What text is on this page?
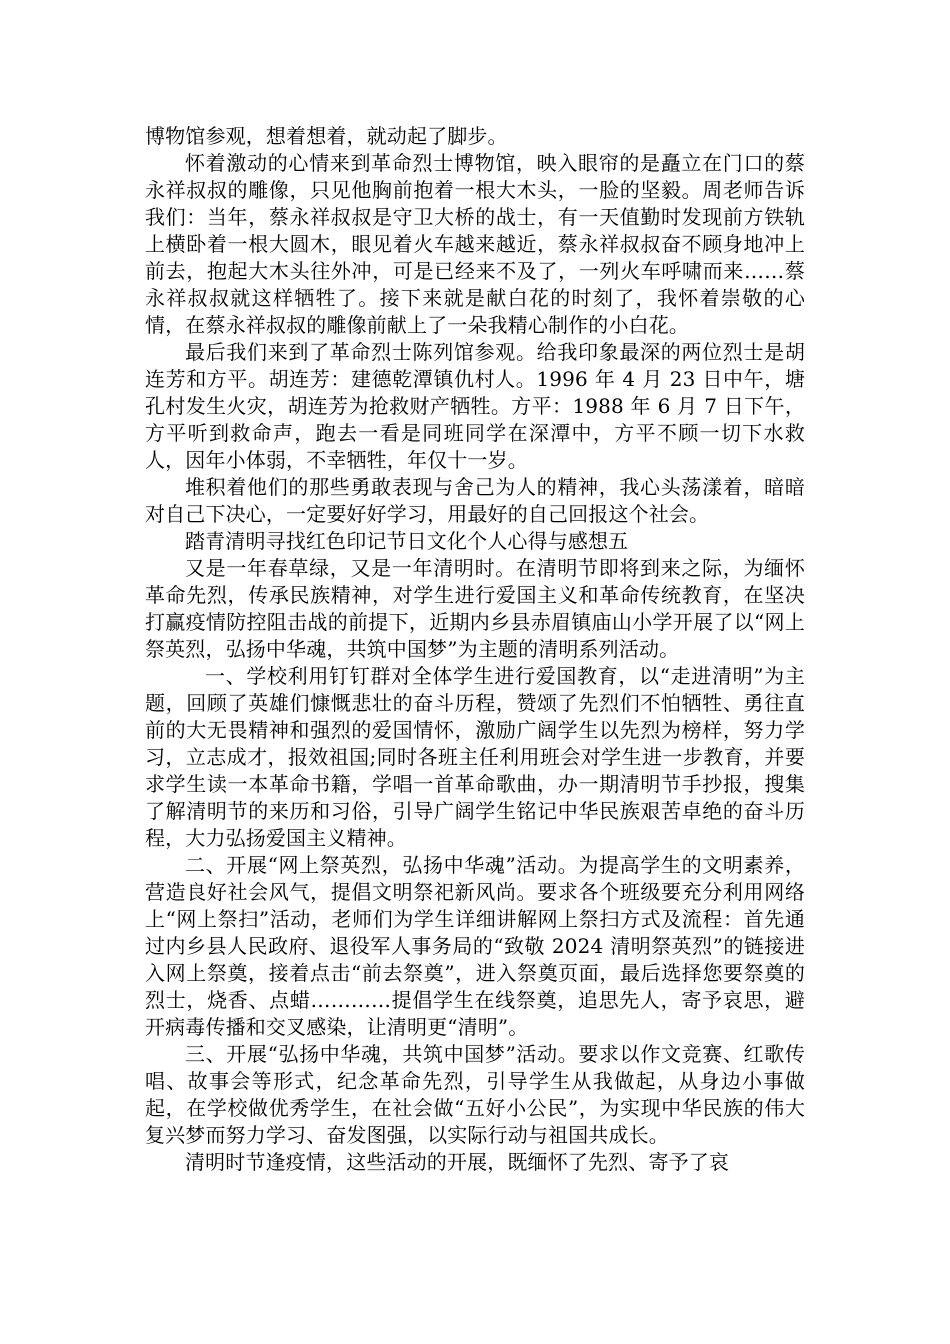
博物馆参观，想着想着，就动起了脚步。

怀着激动的心情来到革命烈士博物馆，映入眼帘的是矗立在门口的蔡永祥叔叔的雕像，只见他胸前抱着一根大木头，一脸的坚毅。周老师告诉我们：当年，蔡永祥叔叔是守卫大桥的战士，有一天值勤时发现前方铁轨上横卧着一根大圆木，眼见着火车越来越近，蔡永祥叔叔奋不顾身地冲上前去，抱起大木头往外冲，可是已经来不及了，一列火车呼啸而来……蔡永祥叔叔就这样牺牲了。接下来就是献白花的时刻了，我怀着崇敬的心情，在蔡永祥叔叔的雕像前献上了一朵我精心制作的小白花。

最后我们来到了革命烈士陈列馆参观。给我印象最深的两位烈士是胡连芳和方平。胡连芳：建德乾潭镇仇村人。1996 年 4 月 23 日中午，塘孔村发生火灾，胡连芳为抢救财产牺牲。方平：1988 年 6 月 7 日下午，方平听到救命声，跑去一看是同班同学在深潭中，方平不顾一切下水救人，因年小体弱，不幸牺牲，年仅十一岁。

堆积着他们的那些勇敢表现与舍己为人的精神，我心头荡漾着，暗暗对自己下决心，一定要好好学习，用最好的自己回报这个社会。

踏青清明寻找红色印记节日文化个人心得与感想五

又是一年春草绿，又是一年清明时。在清明节即将到来之际，为缅怀革命先烈，传承民族精神，对学生进行爱国主义和革命传统教育，在坚决打赢疫情防控阻击战的前提下，近期内乡县赤眉镇庙山小学开展了以“网上祭英烈，弘扬中华魂，共筑中国梦”为主题的清明系列活动。

一、学校利用钉钉群对全体学生进行爱国教育，以“走进清明”为主题，回顾了英雄们慷慨悲壮的奋斗历程，赞颂了先烈们不怕牺牲、勇往直前的大无畏精神和强烈的爱国情怀，激励广阔学生以先烈为榜样，努力学习，立志成才，报效祖国;同时各班主任利用班会对学生进一步教育，并要求学生读一本革命书籍，学唱一首革命歌曲，办一期清明节手抄报，搜集了解清明节的来历和习俗，引导广阔学生铭记中华民族艰苦卓绝的奋斗历程，大力弘扬爱国主义精神。

二、开展“网上祭英烈，弘扬中华魂”活动。为提高学生的文明素养，营造良好社会风气，提倡文明祭祀新风尚。要求各个班级要充分利用网络上“网上祭扫”活动，老师们为学生详细讲解网上祭扫方式及流程：首先通过内乡县人民政府、退役军人事务局的“致敬 2024 清明祭英烈”的链接进入网上祭奠，接着点击“前去祭奠”，进入祭奠页面，最后选择您要祭奠的烈士，烧香、点蜡…………提倡学生在线祭奠，追思先人，寄予哀思，避开病毒传播和交叉感染，让清明更“清明”。

三、开展“弘扬中华魂，共筑中国梦”活动。要求以作文竞赛、红歌传唱、故事会等形式，纪念革命先烈，引导学生从我做起，从身边小事做起，在学校做优秀学生，在社会做“五好小公民”，为实现中华民族的伟大复兴梦而努力学习、奋发图强，以实际行动与祖国共成长。

清明时节逢疫情，这些活动的开展，既缅怀了先烈、寄予了哀
